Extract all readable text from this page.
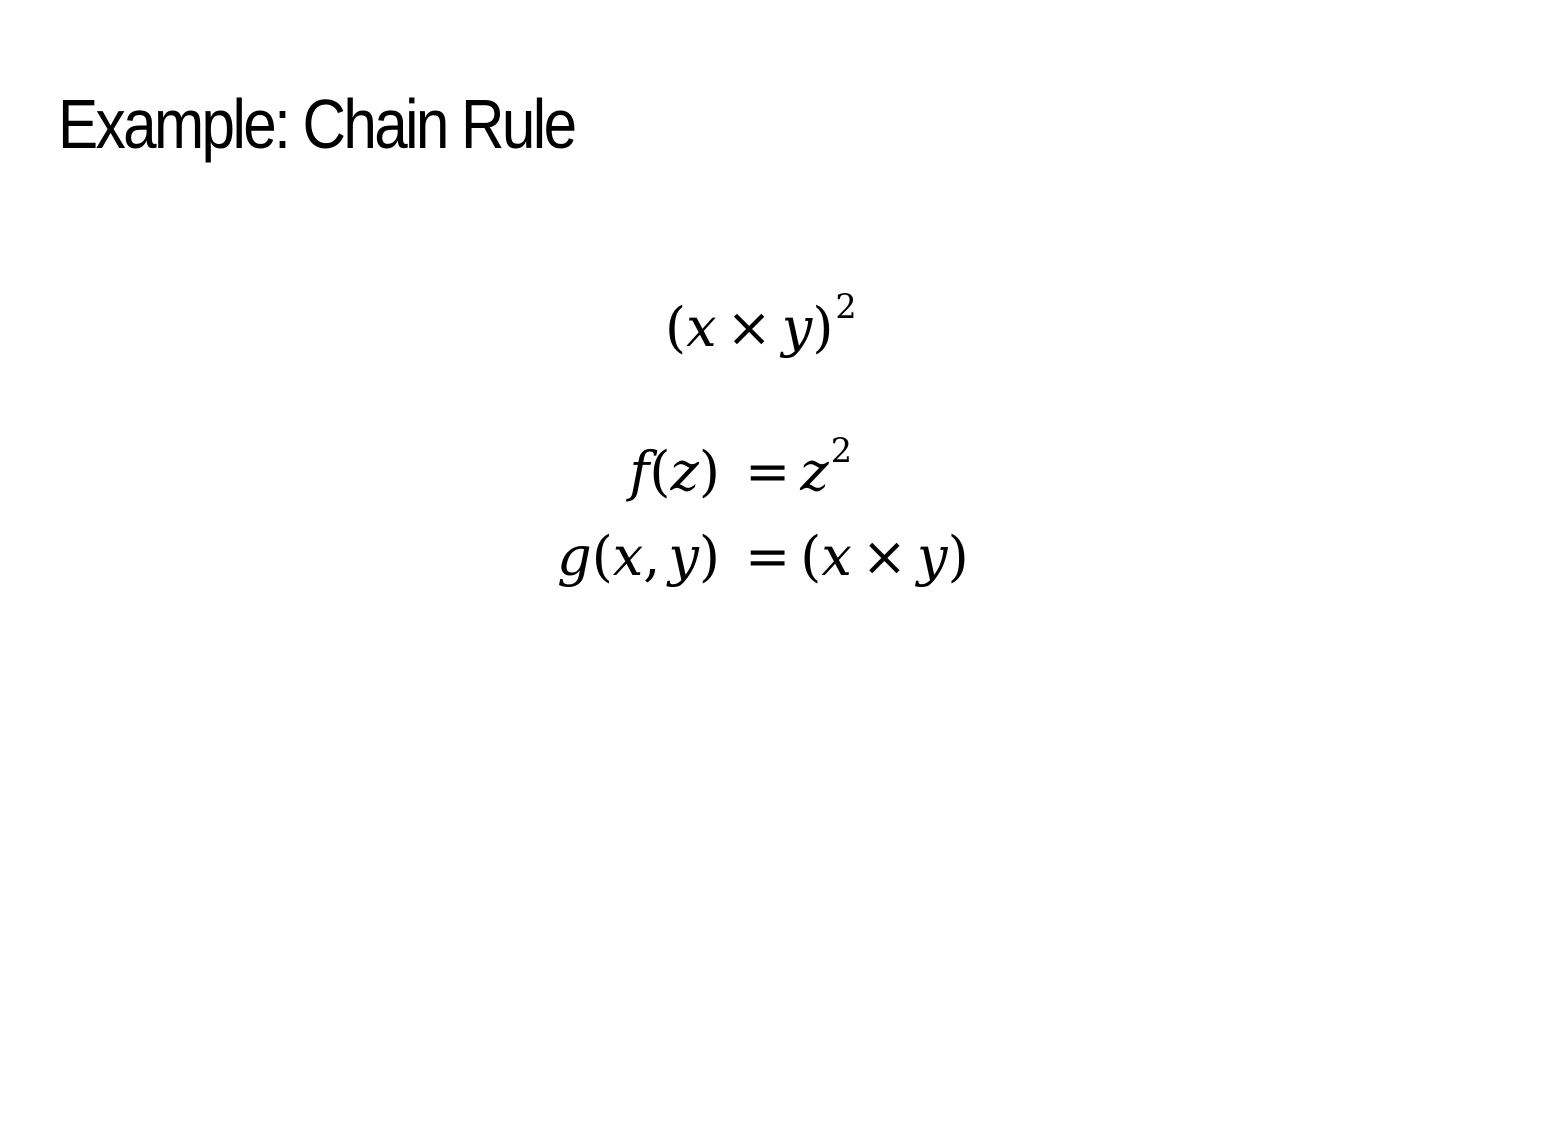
Example: Chain Rule
$(x \times y)^2$
$f(z) = z^2$
g(x, y) = (x × y)
